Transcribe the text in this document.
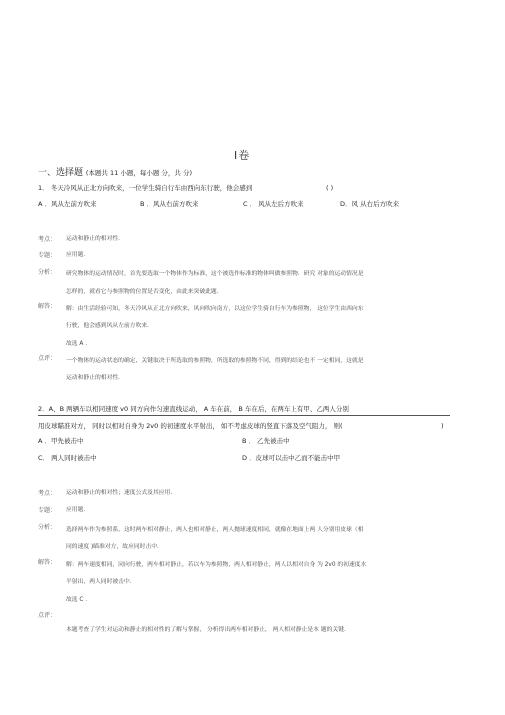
Ⅰ卷
一、选择题 (本题共 11 小题，每小题 分，共 分)
1． 冬天冷风从正北方向吹来，一位学生骑自行车由西向东行驶，他会感到	( )
A ．风从左前方吹来	B ．风从右前方吹来	C ． 风从左后方吹来	D．风 从右后方吹来
考点： 运动和静止的相对性．
专题： 应用题．
分析： 研究物体的运动情况时，首先要选取一个物体作为标准，这个被选作标准的物体叫做参照物．研究 对象的运动情况是
怎样的，就看它与参照物的位置是否变化，由此来突破此题．
解答： 解：由生活经验可知，冬天冷风从正北方向吹来，风向吹向南方，以这位学生骑自行车为参照物， 这位学生由西向东
行驶，他会感到风从左前方吹来．
故选 A ．
点评： 一个物体的运动状态的确定，关键取决于所选取的参照物，所选取的参照物不同，得到的结论也不 一定相同，这就是
运动和静止的相对性．
2．A、B 两辆车以相同速度 v0 同方向作匀速直线运动， A 车在前， B 车在后，在两车上有甲、乙两人分别
用皮球瞄准对方， 同时以相对自身为 2v0 的初速度水平射出， 如不考虑皮球的竖直下落及空气阻力， 则(	)
A ．甲先被击中	B ． 乙先被击中
C． 两人同时被击中	D ．皮球可以击中乙而不能击中甲
考点： 运动和静止的相对性；速度公式及其应用．
专题： 应用题．
分析： 选择两车作为参照系，这时两车相对静止，两人也相对静止，两人抛球速度相同，就像在地面上两 人分别用皮球（相
同的速度 )瞄准对方，故应同时击中．
解答： 解：两车速度相同，同向行驶，两车相对静止，若以车为参照物，两人相对静止，两人以相对自身 为 2v0 的初速度水
平射出，两人同时被击中．
故选 C ．
点评：
本题考查了学生对运动和静止的相对性的了解与掌握， 分析得出两车相对静止， 两人相对静止是本 题的关键．
